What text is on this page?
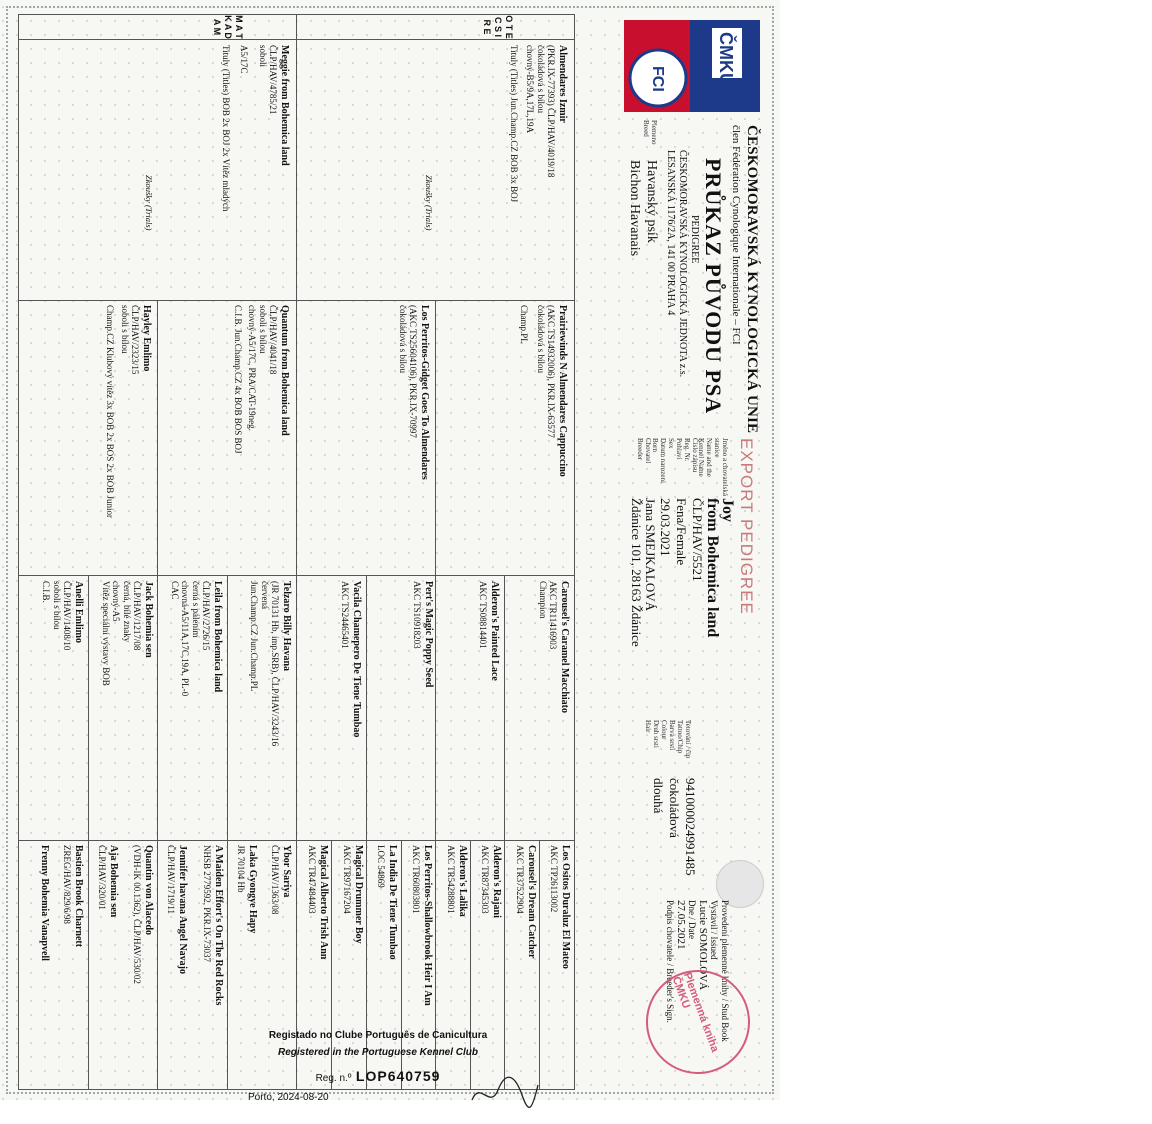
ČMKU
FCI
ČESKOMORAVSKÁ KYNOLOGICKÁ UNIE
člen Fédération Cynologique Internationale – FCI
PRŮKAZ PŮVODU PSA
PEDIGREE
ČESKOMORAVSKÁ KYNOLOGICKÁ JEDNOTA z.s.
LESANSKÁ 1176/2A, 141 00 PRAHA 4
Plemeno
Breed
Havanský psík
Bichon Havanais
EXPORT PEDIGREE
Jméno a chovatelská stanice
Name and the Kennel Name
Joy
from Bohemica land
Číslo zápisu
Reg. Nr.
ČLP/HAV/5521
Pohlaví
Sex
Fena/Female
Datum narození
Born
29.03.2021
Chovatel
Breeder
Jana SMEJKALOVÁ
Ždánice 101, 28163 Ždánice
Tetování / čip
Tattoo/Chip
941000024991485
Barva srsti
Colour
čokoládová
Druh srsti
Hair
dlouhá
Provedení plemenné knihy / Stud Book
Vystavil / Issued
Lucie SOMOLOVÁ
Dne / Date
27.05.2021
Podpis chovatele / Breeder's Sign. Plemenná kniha ČMKU
O T E C S I R E
M A T K A D A M
Almendares Izmir
(PKR.IX-77393) ČLP/HAV/4019/18
čokoládová s bílou
chovný-B5/9A,17L,19A
Tituly (Titles) Jun.Champ.CZ BOB 3x BOJ
Zkoušky (Trials)
Prairiewinds N Almendares Cappuccino
(AKC TS14932006), PKR.IX-63577
čokoládová s bílou
Champ.PL
Los Perritos-Gidget Goes To Almendares
(AKC TS25604106), PKR.IX-70997
čokoládová s bílou
Carousel's Caramel Macchiato
AKC TR11416903
Champion
Alderon's Painted Lace
AKC TS08814401
Vacila Chamepero De Tiene Tumbao
AKC TS24465401	Pert's Magic Poppy Seed
AKC TS10918203
Los Ositos Duraluz El Mateo
AKC TP26113002
Carousel's Dream Catcher
AKC TR37522904
Alderon's Rajani
AKC TR87345303
Alderon's Lalika
AKC TR54288801
Los Perritos-Shallowbrook Heir I Am
AKC TR60803801
La India De Tiene Tumbao
LOC 54869
Magical Drummer Boy
AKC TR97167204
Magical Alberto Trish Ann
AKC TR47484403
Meggie from Bohemica land
ČLP/HAV/4785/21
soboli
A5/17C
Tituly (Titles) BOB 2x BOJ 2x Vítěz mladých
Zkoušky (Trials)
Quantum from Bohemica land
ČLP/HAV/4041/18
soboli s bílou
chovný-A5/17C, PRA/CAT-19neg.
C.I.B. Jun.Champ.CZ 4x BOB BOS BOJ
Hayley Emlimo
ČLP/HAV/2323/15
soboli s bílou
Champ.CZ Klubový vítěz 3x BOB 2x BOS 2x BOB Junior
Telzaro Billy Havana
(JR 70131 Hb, imp.SRB), ČLP/HAV/3243/16
červená
Jun.Champ.CZ Jun.Champ.PL
Leila from Bohemica land
ČLP/HAV/2726/15
černá s pálením
chovná-A5/11A,17C,19A, PL-0
CAC
Jack Bohemia sen
ČLP/HAV/1217/08
černá, bílé znaky
chovný-A5
Vítěz speciální výstavy BOB
Anelli Emlimo
ČLP/HAV/1408/10
soboli s bílou
C.I.B.
Ybor Sariya
ČLP/HAV/1363/08
Laka Gyongye Hapy
JR 70104 Hb
A Maiden Effort's On The Red Rocks
NHSB 2779592, PKR.IX-73037
Jennifer havana Angel Navajo
ČLP/HAV/1719/11
Quantin von Alacedo
(VDH-IK 00.1362), ČLP/HAV/530/02
Aja Bohemia sen
ČLP/HAV/320/01
Bastien Brook Charnett
ZREG/HAV/829/6/98
Frenny Bohemia Vanapvell
Registado no Clube Português de Canicultura
Registered in the Portuguese Kennel Club
Reg. n.º LOP640759
Porto, 2024-08-20
